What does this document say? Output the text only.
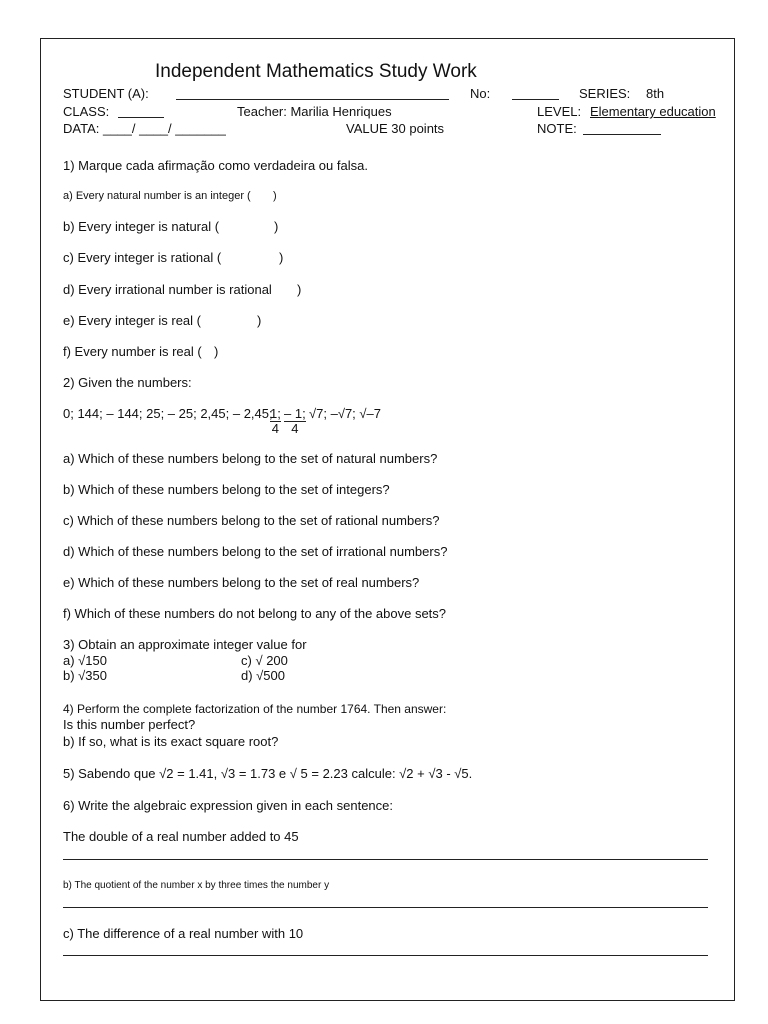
Independent Mathematics Study Work
STUDENT (A):	No:	SERIES: 8th
CLASS:	Teacher: Marilia Henriques	LEVEL: Elementary education
DATA: ____/ ____/ _______	VALUE 30 points	NOTE:
1) Marque cada afirmação como verdadeira ou falsa.
a) Every natural number is an integer ( )
b) Every integer is natural (	)
c) Every integer is rational (	)
d) Every irrational number is rational )
e) Every integer is real (	)
f) Every number is real ( )
2) Given the numbers:
0; 144; – 144; 25; – 25; 2,45; – 2,45;
$\frac{1;}{4} \frac{- 1;}{4} √7$; –√7; √–7
a) Which of these numbers belong to the set of natural numbers?
b) Which of these numbers belong to the set of integers?
c) Which of these numbers belong to the set of rational numbers?
d) Which of these numbers belong to the set of irrational numbers?
e) Which of these numbers belong to the set of real numbers?
f) Which of these numbers do not belong to any of the above sets?
3) Obtain an approximate integer value for
a) √150	c) √ 200
b) √350	d) √500
4) Perform the complete factorization of the number 1764. Then answer:
Is this number perfect?
b) If so, what is its exact square root?
5) Sabendo que √2 = 1.41, √3 = 1.73 e √ 5 = 2.23 calcule: √2 + √3 - √5.
6) Write the algebraic expression given in each sentence:
The double of a real number added to 45
b) The quotient of the number x by three times the number y
c) The difference of a real number with 10
